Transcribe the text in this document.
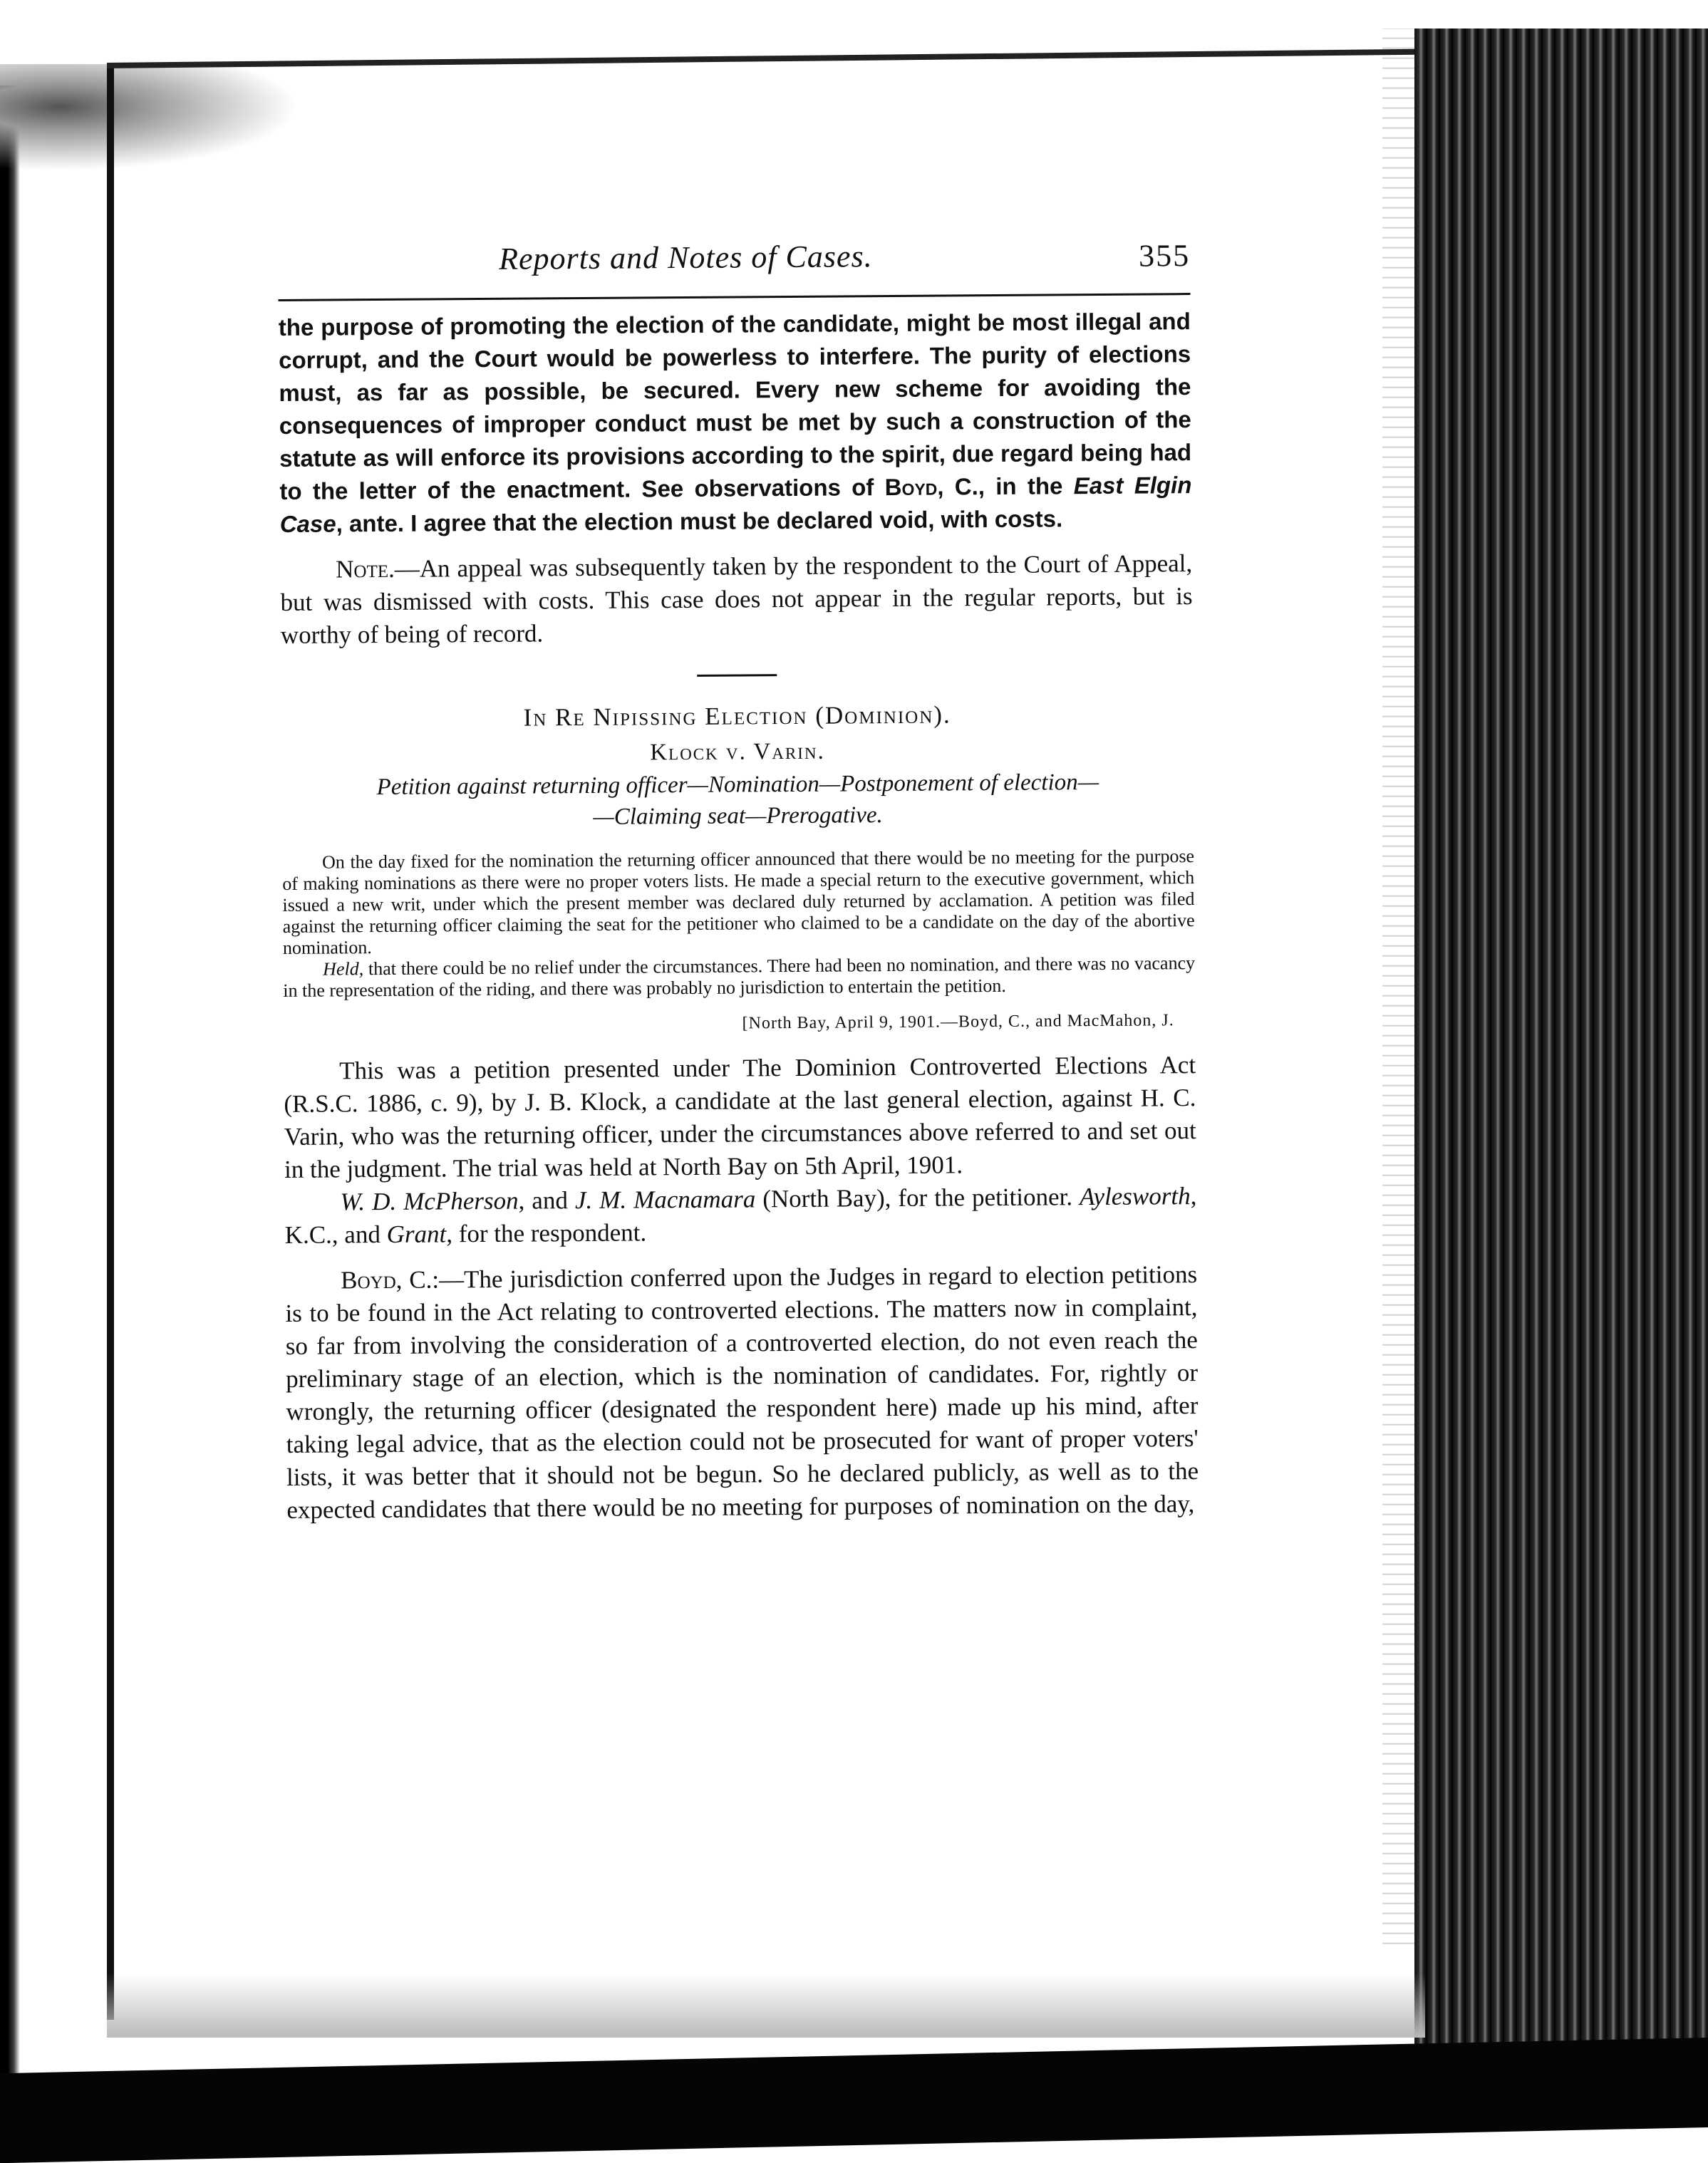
Reports and Notes of Cases.	355

the purpose of promoting the election of the candidate, might be most illegal and corrupt, and the Court would be powerless to interfere. The purity of elections must, as far as possible, be secured. Every new scheme for avoiding the consequences of improper conduct must be met by such a construction of the statute as will enforce its provisions according to the spirit, due regard being had to the letter of the enactment. See observations of Boyd, C., in the East Elgin Case, ante. I agree that the election must be declared void, with costs.

Note.—An appeal was subsequently taken by the respondent to the Court of Appeal, but was dismissed with costs. This case does not appear in the regular reports, but is worthy of being of record.

In Re Nipissing Election (Dominion).
Klock v. Varin.
Petition against returning officer—Nomination—Postponement of election—
—Claiming seat—Prerogative.

On the day fixed for the nomination the returning officer announced that there would be no meeting for the purpose of making nominations as there were no proper voters lists. He made a special return to the executive government, which issued a new writ, under which the present member was declared duly returned by acclamation. A petition was filed against the returning officer claiming the seat for the petitioner who claimed to be a candidate on the day of the abortive nomination.

Held, that there could be no relief under the circumstances. There had been no nomination, and there was no vacancy in the representation of the riding, and there was probably no jurisdiction to entertain the petition.

[North Bay, April 9, 1901.—Boyd, C., and MacMahon, J.

This was a petition presented under The Dominion Controverted Elections Act (R.S.C. 1886, c. 9), by J. B. Klock, a candidate at the last general election, against H. C. Varin, who was the returning officer, under the circumstances above referred to and set out in the judgment. The trial was held at North Bay on 5th April, 1901.

W. D. McPherson, and J. M. Macnamara (North Bay), for the petitioner. Aylesworth, K.C., and Grant, for the respondent.

Boyd, C.:—The jurisdiction conferred upon the Judges in regard to election petitions is to be found in the Act relating to controverted elections. The matters now in complaint, so far from involving the consideration of a controverted election, do not even reach the preliminary stage of an election, which is the nomination of candidates. For, rightly or wrongly, the returning officer (designated the respondent here) made up his mind, after taking legal advice, that as the election could not be prosecuted for want of proper voters' lists, it was better that it should not be begun. So he declared publicly, as well as to the expected candidates that there would be no meeting for purposes of nomination on the day,
